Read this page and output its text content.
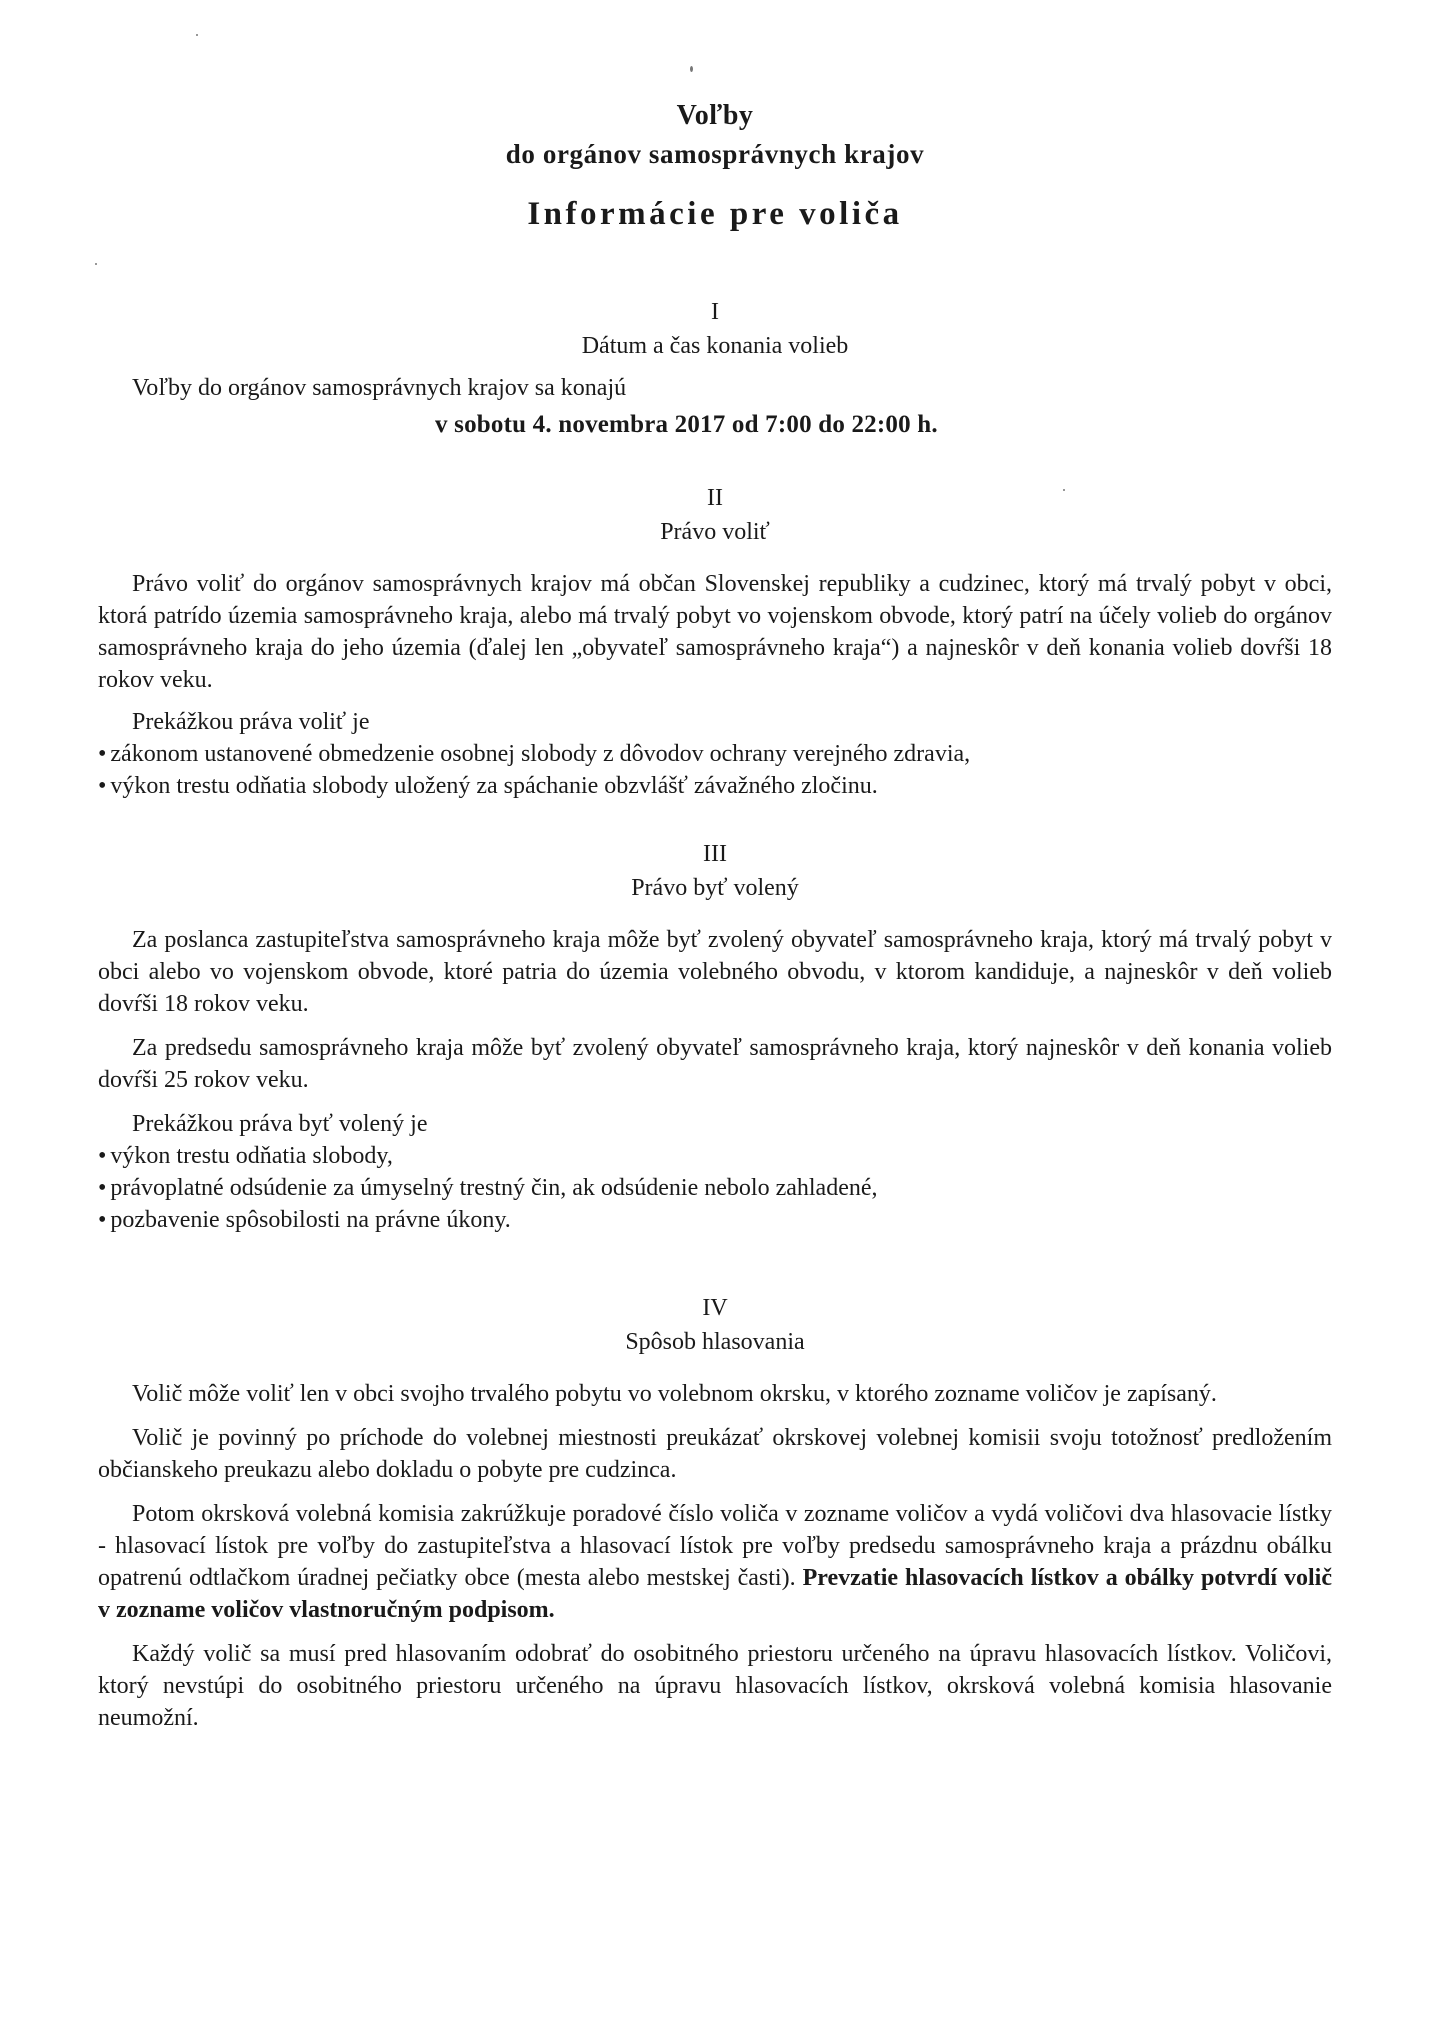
Voľby
do orgánov samosprávnych krajov
Informácie pre voliča
I
Dátum a čas konania volieb
Voľby do orgánov samosprávnych krajov sa konajú
v sobotu 4. novembra 2017 od 7:00 do 22:00 h.
II
Právo voliť

Právo voliť do orgánov samosprávnych krajov má občan Slovenskej republiky a cudzinec, ktorý má trvalý pobyt v obci, ktorá patrído územia samosprávneho kraja, alebo má trvalý pobyt vo vojenskom obvode, ktorý patrí na účely volieb do orgánov samosprávneho kraja do jeho územia (ďalej len „obyvateľ samosprávneho kraja“) a najneskôr v deň konania volieb dovŕši 18 rokov veku.

Prekážkou práva voliť je
• zákonom ustanovené obmedzenie osobnej slobody z dôvodov ochrany verejného zdravia,
• výkon trestu odňatia slobody uložený za spáchanie obzvlášť závažného zločinu.
III
Právo byť volený

Za poslanca zastupiteľstva samosprávneho kraja môže byť zvolený obyvateľ samosprávneho kraja, ktorý má trvalý pobyt v obci alebo vo vojenskom obvode, ktoré patria do územia volebného obvodu, v ktorom kandiduje, a najneskôr v deň volieb dovŕši 18 rokov veku.

Za predsedu samosprávneho kraja môže byť zvolený obyvateľ samosprávneho kraja, ktorý najneskôr v deň konania volieb dovŕši 25 rokov veku.

Prekážkou práva byť volený je
• výkon trestu odňatia slobody,
• právoplatné odsúdenie za úmyselný trestný čin, ak odsúdenie nebolo zahladené,
• pozbavenie spôsobilosti na právne úkony.
IV
Spôsob hlasovania

Volič môže voliť len v obci svojho trvalého pobytu vo volebnom okrsku, v ktorého zozname voličov je zapísaný.

Volič je povinný po príchode do volebnej miestnosti preukázať okrskovej volebnej komisii svoju totožnosť predložením občianskeho preukazu alebo dokladu o pobyte pre cudzinca.

Potom okrsková volebná komisia zakrúžkuje poradové číslo voliča v zozname voličov a vydá voličovi dva hlasovacie lístky - hlasovací lístok pre voľby do zastupiteľstva a hlasovací lístok pre voľby predsedu samosprávneho kraja a prázdnu obálku opatrenú odtlačkom úradnej pečiatky obce (mesta alebo mestskej časti). Prevzatie hlasovacích lístkov a obálky potvrdí volič v zozname voličov vlastnoručným podpisom.

Každý volič sa musí pred hlasovaním odobrať do osobitného priestoru určeného na úpravu hlasovacích lístkov. Voličovi, ktorý nevstúpi do osobitného priestoru určeného na úpravu hlasovacích lístkov, okrsková volebná komisia hlasovanie neumožní.
